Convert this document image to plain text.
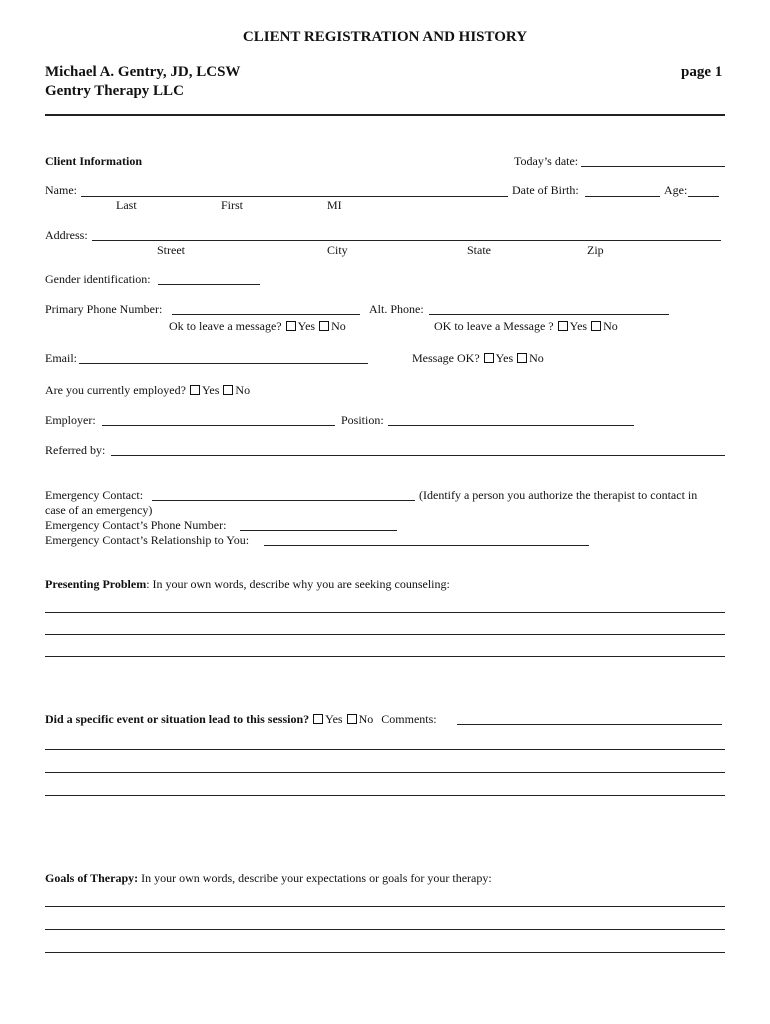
CLIENT REGISTRATION AND HISTORY
Michael A. Gentry, JD, LCSW
Gentry Therapy LLC
page 1
Client Information	Today’s date:
Name:	Date of Birth:	Age:
Last	First	MI
Address:
Street	City	State	Zip
Gender identification:
Primary Phone Number:	Alt. Phone:
Ok to leave a message? Yes No	OK to leave a Message ? Yes No
Email:	Message OK? Yes No
Are you currently employed? Yes No
Employer:	Position:
Referred by:
Emergency Contact:	(Identify a person you authorize the therapist to contact in
case of an emergency)
Emergency Contact’s Phone Number:
Emergency Contact’s Relationship to You:
Presenting Problem: In your own words, describe why you are seeking counseling:
Did a specific event or situation lead to this session? Yes No Comments:
Goals of Therapy: In your own words, describe your expectations or goals for your therapy:
